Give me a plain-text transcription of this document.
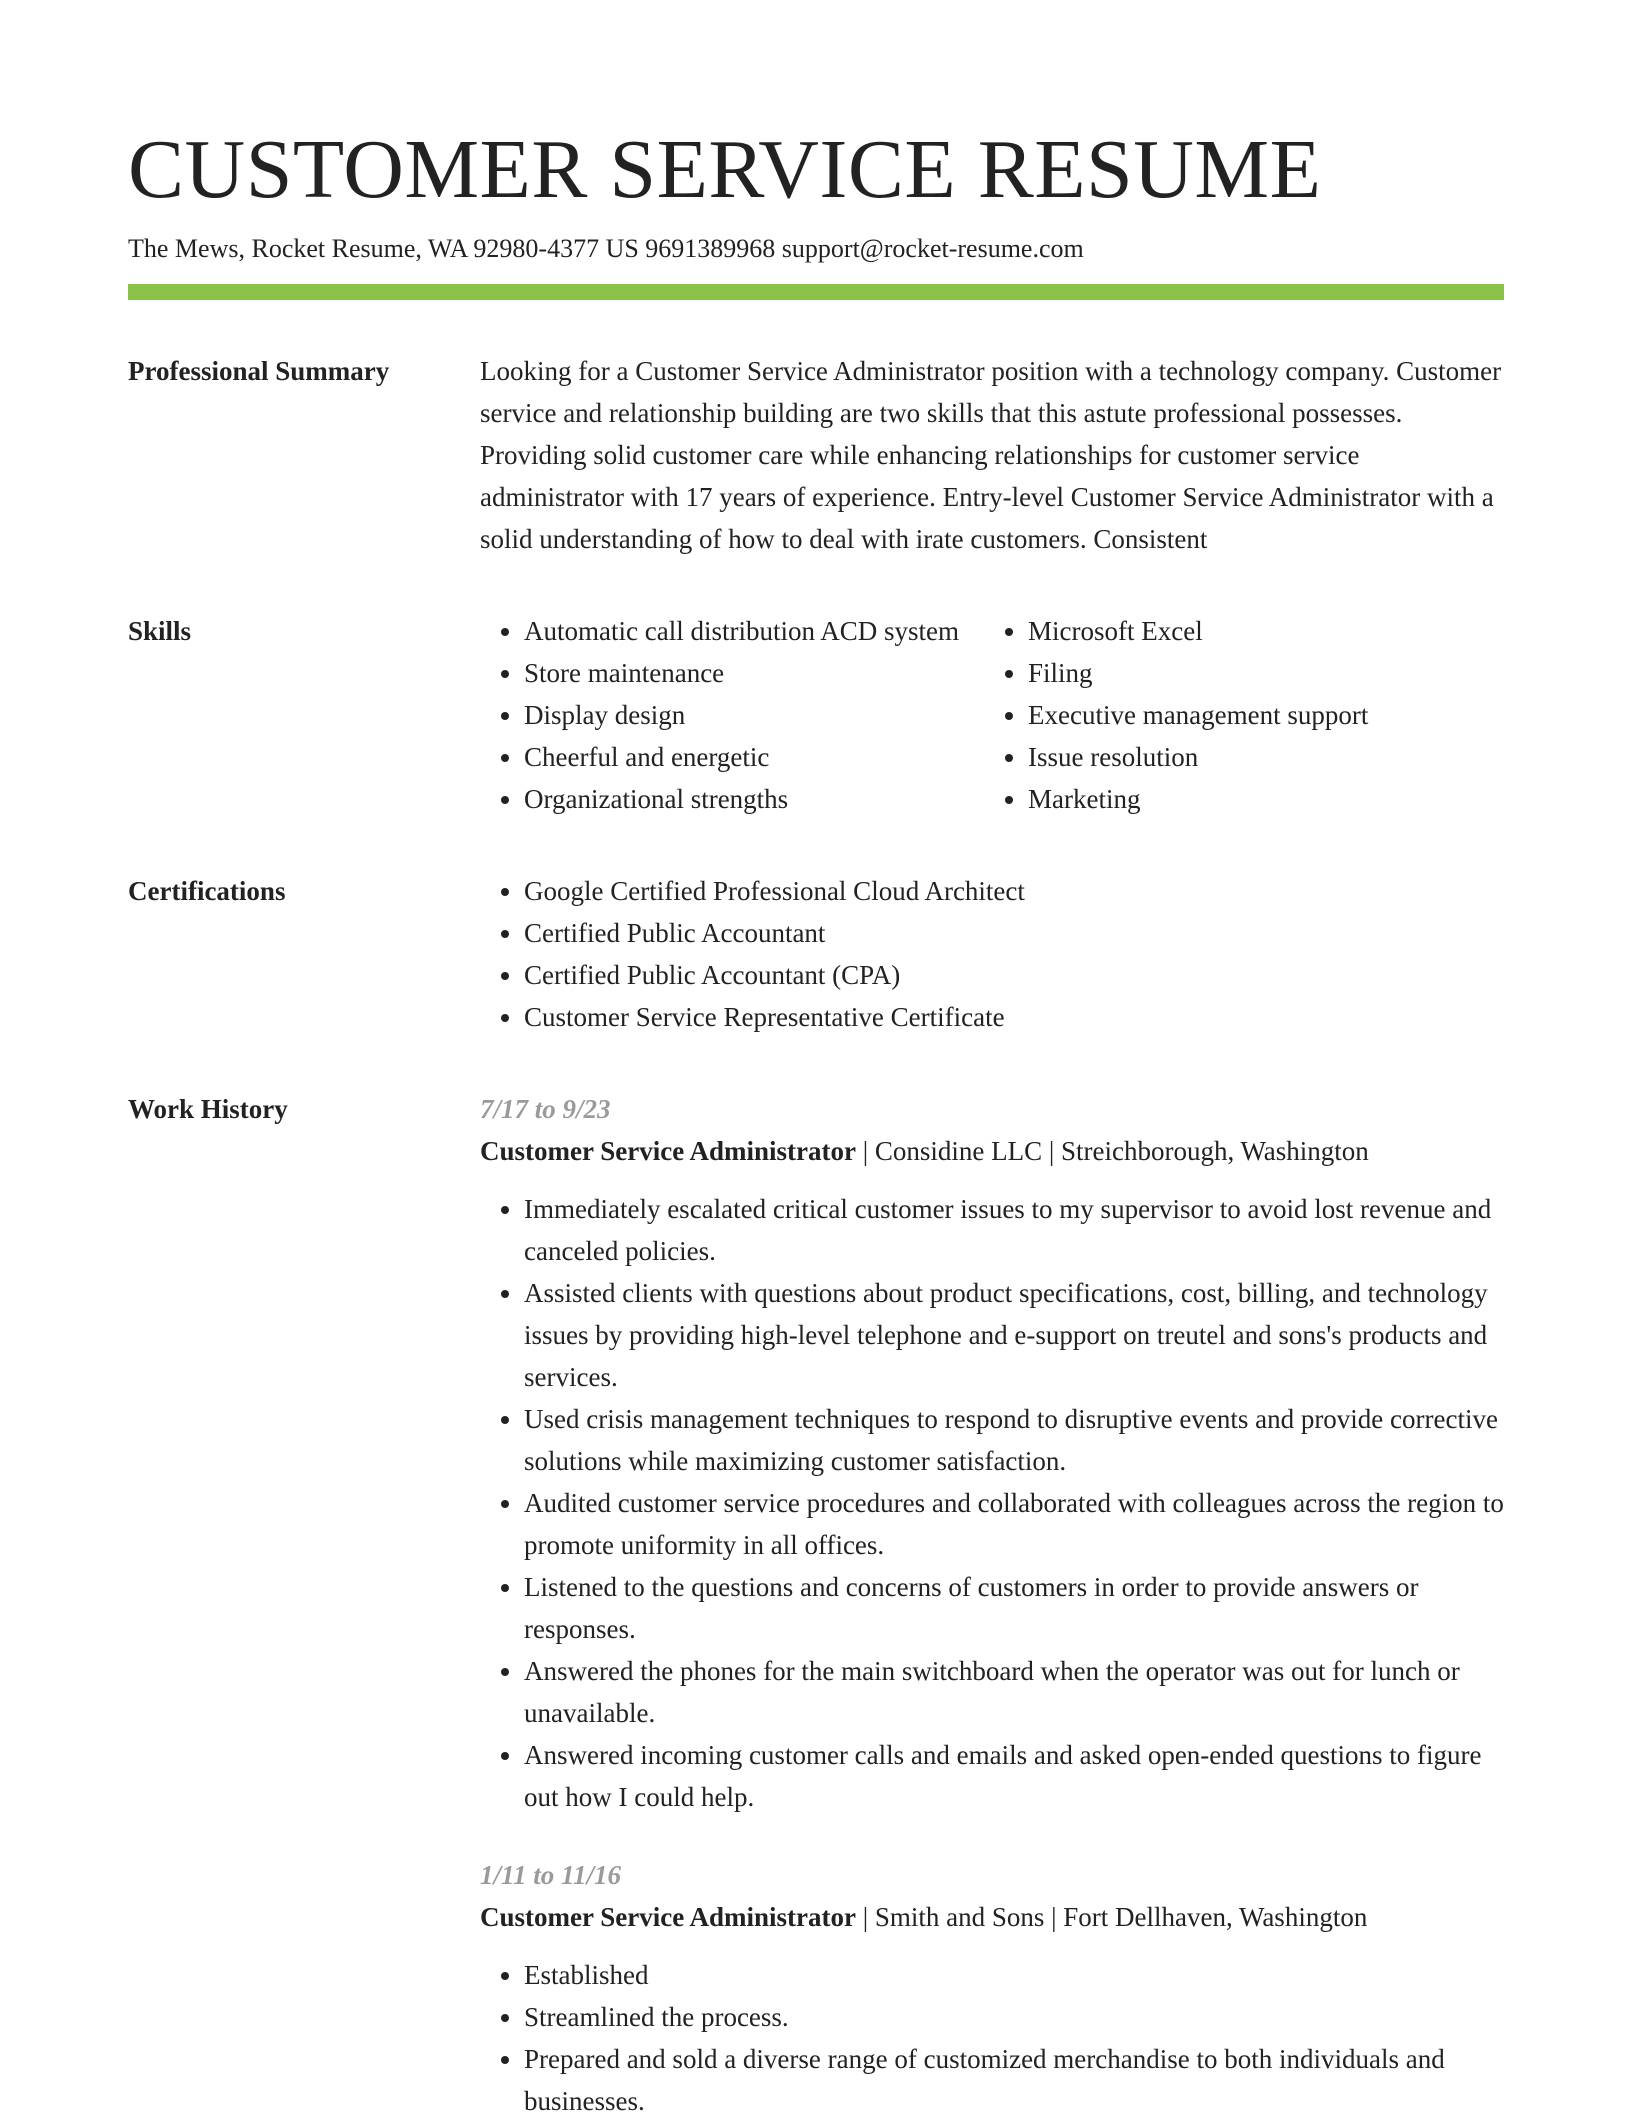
CUSTOMER SERVICE RESUME
The Mews, Rocket Resume, WA 92980-4377 US 9691389968 support@rocket-resume.com
Professional Summary	Looking for a Customer Service Administrator position with a technology company. Customer service and relationship building are two skills that this astute professional possesses. Providing solid customer care while enhancing relationships for customer service administrator with 17 years of experience. Entry-level Customer Service Administrator with a solid understanding of how to deal with irate customers. Consistent

Skills	• Automatic call distribution ACD system
• Store maintenance
• Display design
• Cheerful and energetic
• Organizational strengths
• Microsoft Excel
• Filing
• Executive management support
• Issue resolution
• Marketing
Certifications	• Google Certified Professional Cloud Architect
• Certified Public Accountant
• Certified Public Accountant (CPA)
• Customer Service Representative Certificate
Work History	7/17 to 9/23
Customer Service Administrator | Considine LLC | Streichborough, Washington
• Immediately escalated critical customer issues to my supervisor to avoid lost revenue and canceled policies.
• Assisted clients with questions about product specifications, cost, billing, and technology issues by providing high-level telephone and e-support on treutel and sons's products and services.
• Used crisis management techniques to respond to disruptive events and provide corrective solutions while maximizing customer satisfaction.
• Audited customer service procedures and collaborated with colleagues across the region to promote uniformity in all offices.
• Listened to the questions and concerns of customers in order to provide answers or responses.
• Answered the phones for the main switchboard when the operator was out for lunch or unavailable.
• Answered incoming customer calls and emails and asked open-ended questions to figure out how I could help.
1/11 to 11/16
Customer Service Administrator | Smith and Sons | Fort Dellhaven, Washington
• Established
• Streamlined the process.
• Prepared and sold a diverse range of customized merchandise to both individuals and businesses.
